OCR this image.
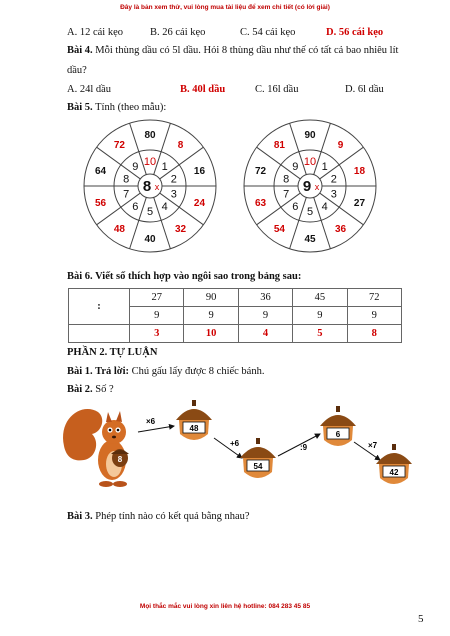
Đây là bản xem thử, vui lòng mua tài liệu để xem chi tiết (có lời giải)
A. 12 cái kẹo	B. 26 cái kẹo	C. 54 cái kẹo	D. 56 cái kẹo
Bài 4. Mỗi thùng dầu có 5l dầu. Hỏi 8 thùng dầu như thế có tất cả bao nhiêu lít
dầu?
A. 24l dầu	B. 40l dầu	C. 16l dầu	D. 6l dầu
Bài 5. Tính (theo mẫu):
8 x
10
80
1
8
2
16
3
24
4
32
5
40
6
48
7
56
8
64 9
72
9 x
10
90
1
9
2
18
3
27
4
36
5
45
6
54
7
63
8
72 9
81
Bài 6. Viết số thích hợp vào ngôi sao trong bảng sau:
:	27	90	36	45	72
	9	9	9	9	9
	3	10	4	5	8
PHẦN 2. TỰ LUẬN
Bài 1. Trả lời: Chú gấu lấy được 8 chiếc bánh.
Bài 2. Số ?
8
×6
+6	:9	×7
48
54
6
42
Bài 3. Phép tính nào có kết quả bằng nhau?
Mọi thắc mắc vui lòng xin liên hệ hotline: 084 283 45 85
5
